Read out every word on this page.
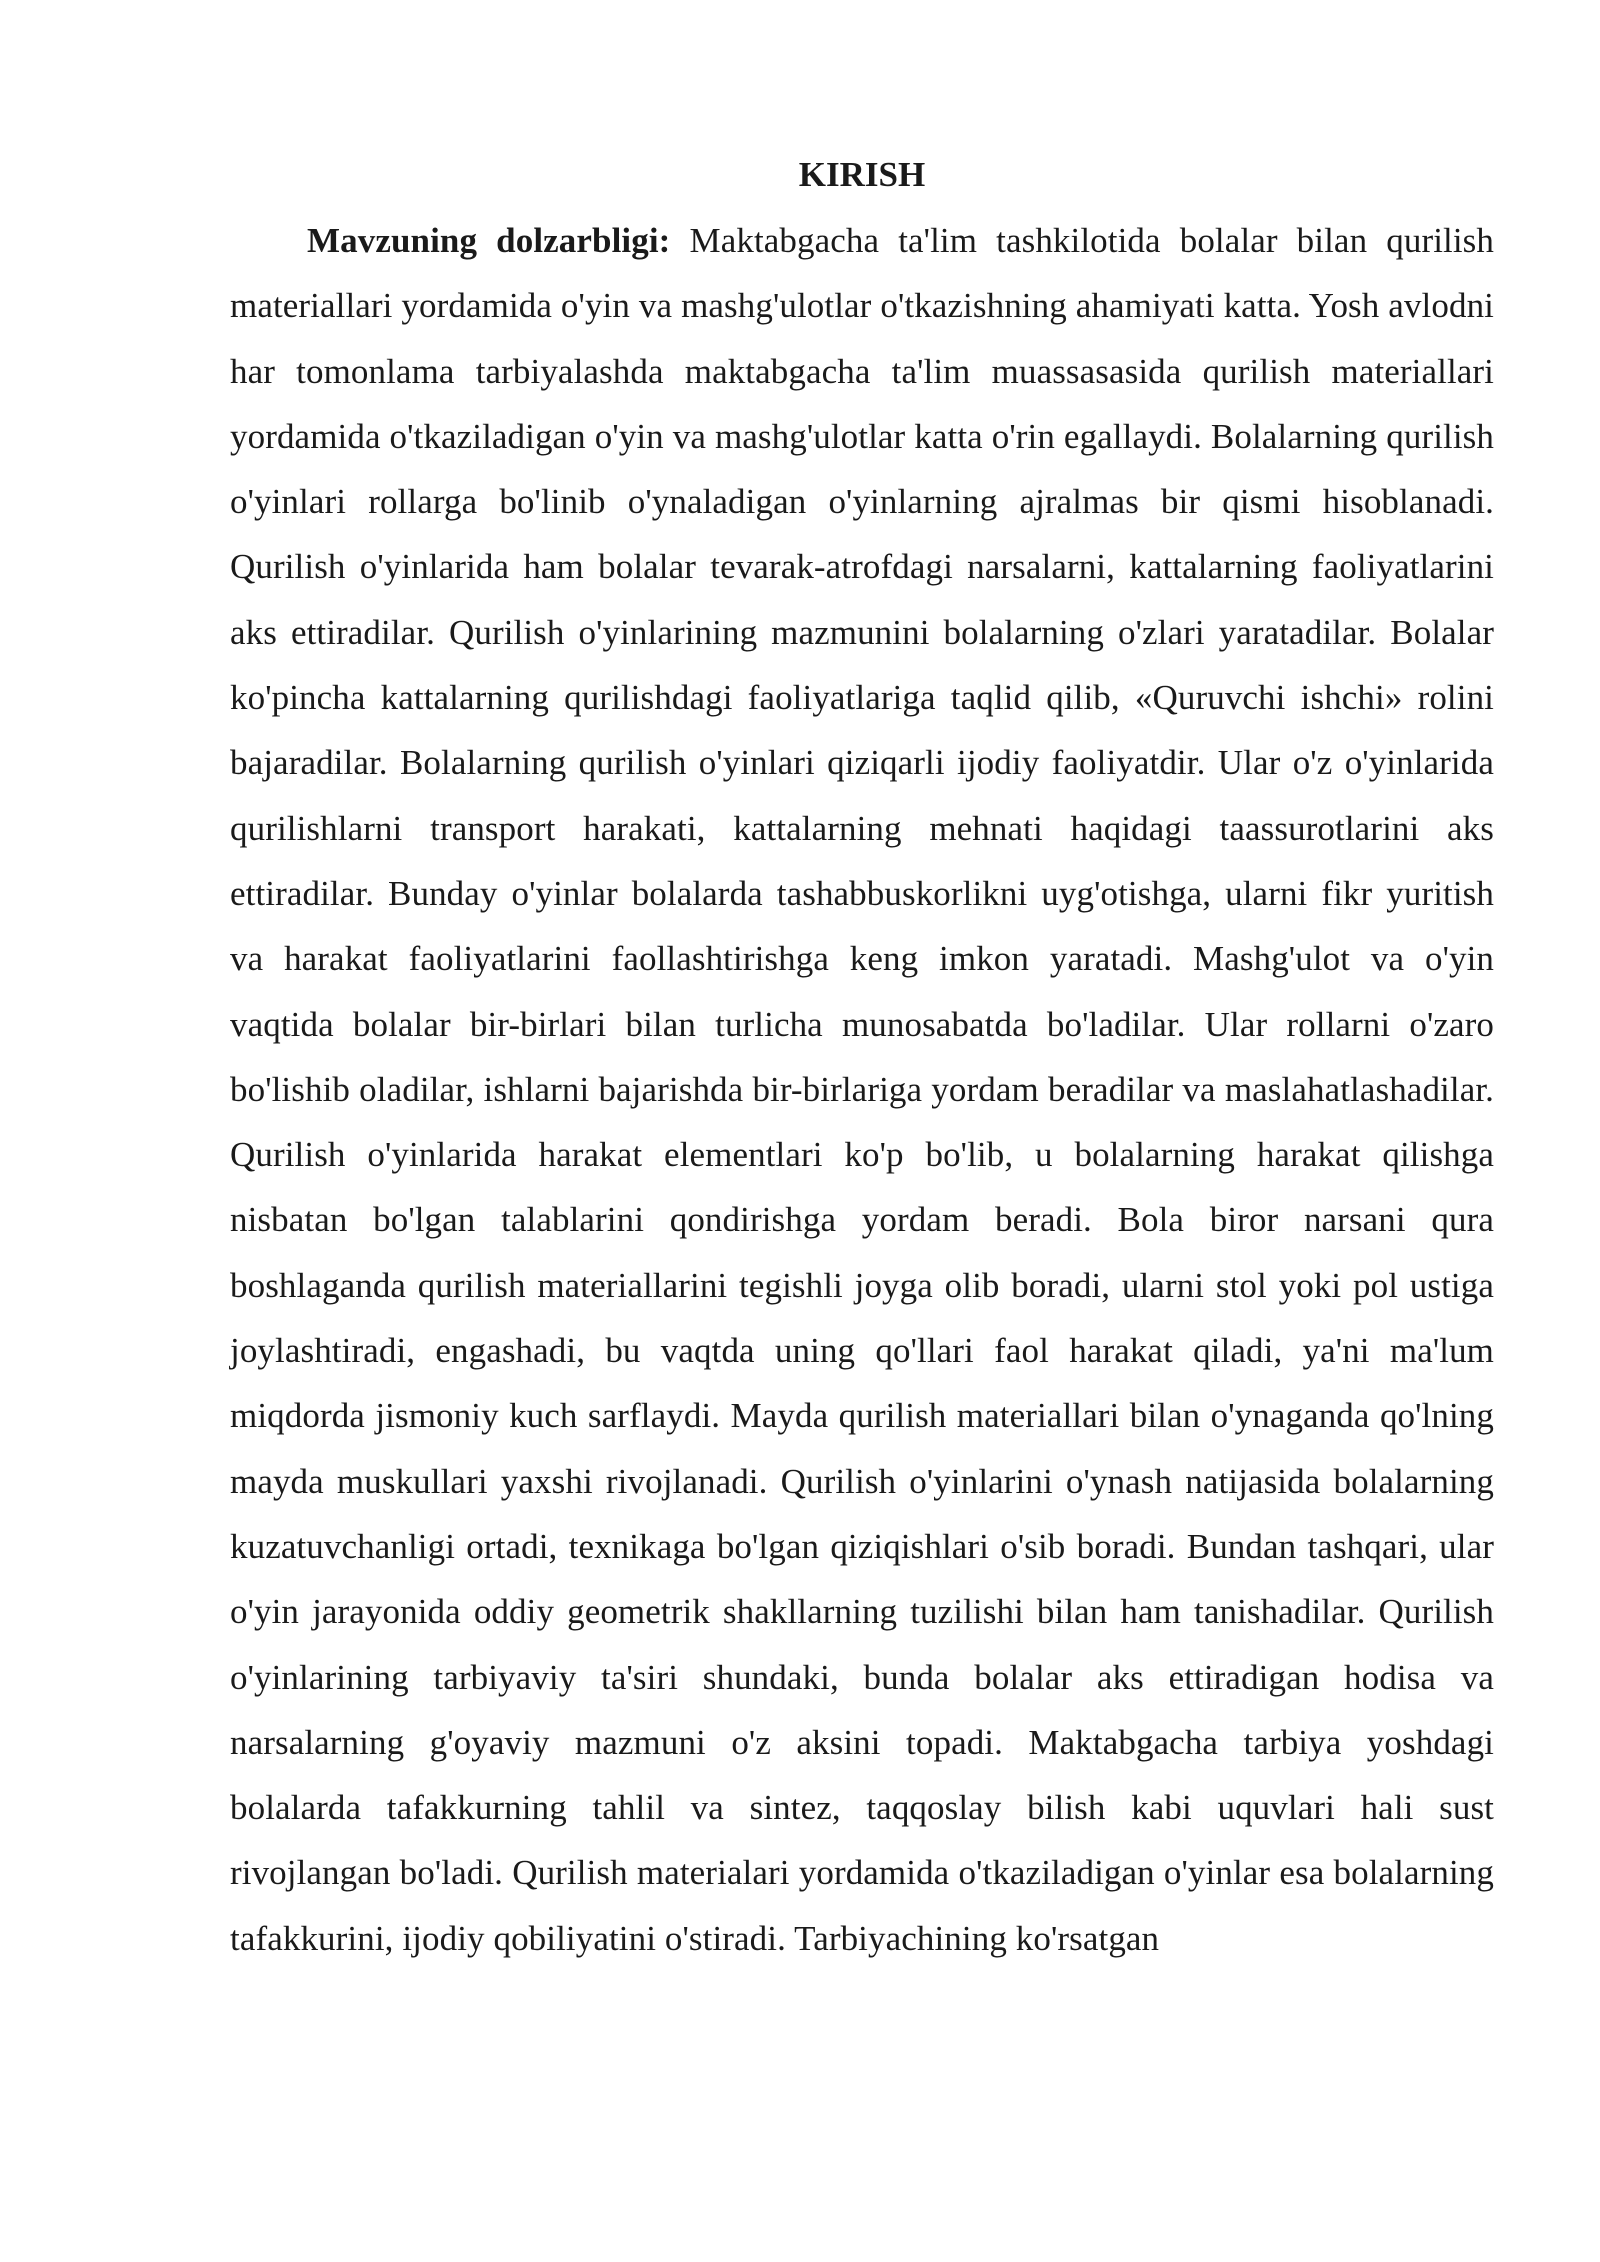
KIRISH

Mavzuning dolzarbligi: Maktabgacha ta'lim tashkilotida bolalar bilan qurilish materiallari yordamida o'yin va mashg'ulotlar o'tkazishning ahamiyati katta. Yosh avlodni har tomonlama tarbiyalashda maktabgacha ta'lim muassasasida qurilish materiallari yordamida o'tkaziladigan o'yin va mashg'ulotlar katta o'rin egallaydi. Bolalarning qurilish o'yinlari rollarga bo'linib o'ynaladigan o'yinlarning ajralmas bir qismi hisoblanadi. Qurilish o'yinlarida ham bolalar tevarak-atrofdagi narsalarni, kattalarning faoliyatlarini aks ettiradilar. Qurilish o'yinlarining mazmunini bolalarning o'zlari yaratadilar. Bolalar ko'pincha kattalarning qurilishdagi faoliyatlariga taqlid qilib, «Quruvchi ishchi» rolini bajaradilar. Bolalarning qurilish o'yinlari qiziqarli ijodiy faoliyatdir. Ular o'z o'yinlarida qurilishlarni transport harakati, kattalarning mehnati haqidagi taassurotlarini aks ettiradilar. Bunday o'yinlar bolalarda tashabbuskorlikni uyg'otishga, ularni fikr yuritish va harakat faoliyatlarini faollashtirishga keng imkon yaratadi. Mashg'ulot va o'yin vaqtida bolalar bir-birlari bilan turlicha munosabatda bo'ladilar. Ular rollarni o'zaro bo'lishib oladilar, ishlarni bajarishda bir-birlariga yordam beradilar va maslahatlashadilar. Qurilish o'yinlarida harakat elementlari ko'p bo'lib, u bolalarning harakat qilishga nisbatan bo'lgan talablarini qondirishga yordam beradi. Bola biror narsani qura boshlaganda qurilish materiallarini tegishli joyga olib boradi, ularni stol yoki pol ustiga joylashtiradi, engashadi, bu vaqtda uning qo'llari faol harakat qiladi, ya'ni ma'lum miqdorda jismoniy kuch sarflaydi. Mayda qurilish materiallari bilan o'ynaganda qo'lning mayda muskullari yaxshi rivojlanadi. Qurilish o'yinlarini o'ynash natijasida bolalarning kuzatuvchanligi ortadi, texnikaga bo'lgan qiziqishlari o'sib boradi. Bundan tashqari, ular o'yin jarayonida oddiy geometrik shakllarning tuzilishi bilan ham tanishadilar. Qurilish o'yinlarining tarbiyaviy ta'siri shundaki, bunda bolalar aks ettiradigan hodisa va narsalarning g'oyaviy mazmuni o'z aksini topadi. Maktabgacha tarbiya yoshdagi bolalarda tafakkurning tahlil va sintez, taqqoslay bilish kabi uquvlari hali sust rivojlangan bo'ladi. Qurilish materialari yordamida o'tkaziladigan o'yinlar esa bolalarning tafakkurini, ijodiy qobiliyatini o'stiradi. Tarbiyachining ko'rsatgan
